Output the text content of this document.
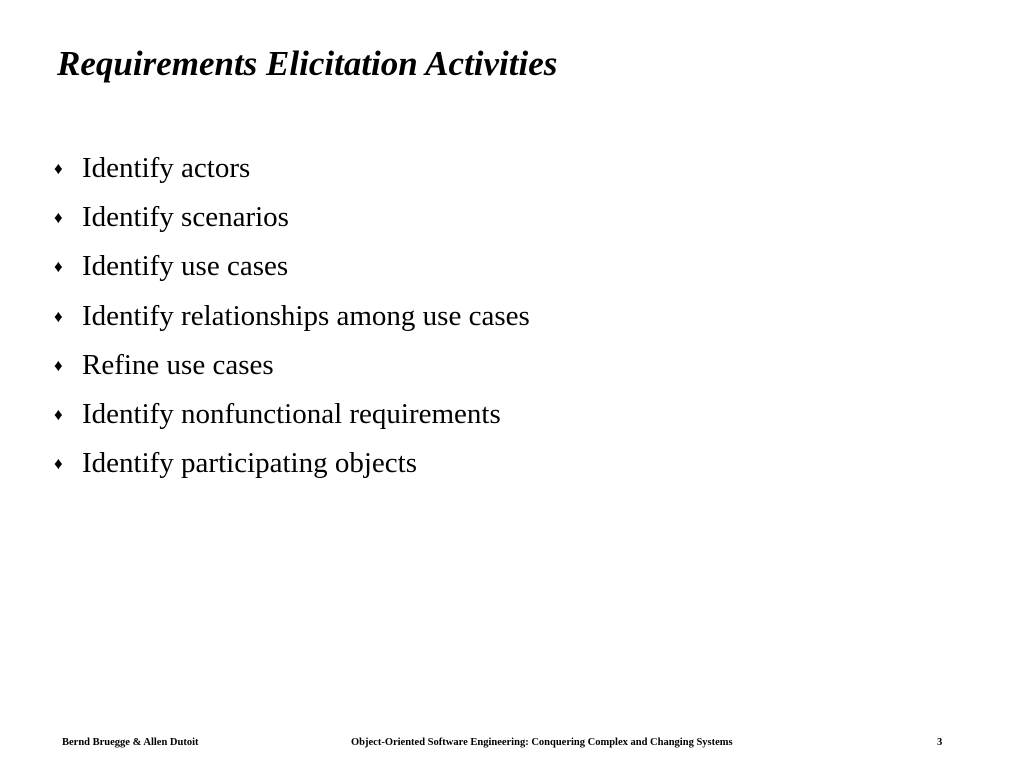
Requirements Elicitation Activities
♦ Identify actors
♦ Identify scenarios
♦ Identify use cases
♦ Identify relationships among use cases
♦ Refine use cases
♦ Identify nonfunctional requirements
♦ Identify participating objects
Bernd Bruegge & Allen Dutoit	Object-Oriented Software Engineering: Conquering Complex and Changing Systems	3
